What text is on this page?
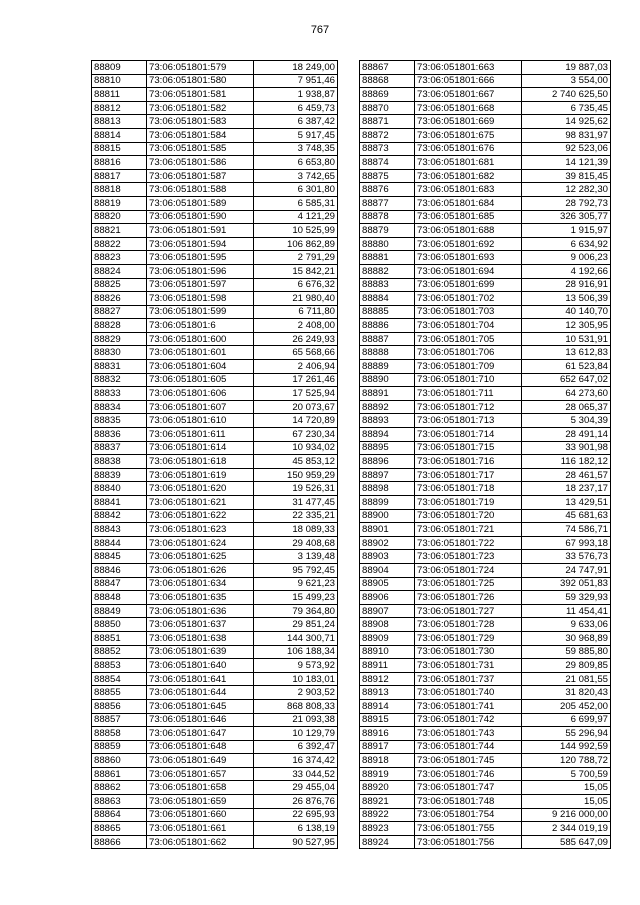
767
88809	73:06:051801:579	18 249,00
88810	73:06:051801:580	7 951,46
88811	73:06:051801:581	1 938,87
88812	73:06:051801:582	6 459,73
88813	73:06:051801:583	6 387,42
88814	73:06:051801:584	5 917,45
88815	73:06:051801:585	3 748,35
88816	73:06:051801:586	6 653,80
88817	73:06:051801:587	3 742,65
88818	73:06:051801:588	6 301,80
88819	73:06:051801:589	6 585,31
88820	73:06:051801:590	4 121,29
88821	73:06:051801:591	10 525,99
88822	73:06:051801:594	106 862,89
88823	73:06:051801:595	2 791,29
88824	73:06:051801:596	15 842,21
88825	73:06:051801:597	6 676,32
88826	73:06:051801:598	21 980,40
88827	73:06:051801:599	6 711,80
88828	73:06:051801:6	2 408,00
88829	73:06:051801:600	26 249,93
88830	73:06:051801:601	65 568,66
88831	73:06:051801:604	2 406,94
88832	73:06:051801:605	17 261,46
88833	73:06:051801:606	17 525,94
88834	73:06:051801:607	20 073,67
88835	73:06:051801:610	14 720,89
88836	73:06:051801:611	67 230,34
88837	73:06:051801:614	10 934,02
88838	73:06:051801:618	45 853,12
88839	73:06:051801:619	150 959,29
88840	73:06:051801:620	19 526,31
88841	73:06:051801:621	31 477,45
88842	73:06:051801:622	22 335,21
88843	73:06:051801:623	18 089,33
88844	73:06:051801:624	29 408,68
88845	73:06:051801:625	3 139,48
88846	73:06:051801:626	95 792,45
88847	73:06:051801:634	9 621,23
88848	73:06:051801:635	15 499,23
88849	73:06:051801:636	79 364,80
88850	73:06:051801:637	29 851,24
88851	73:06:051801:638	144 300,71
88852	73:06:051801:639	106 188,34
88853	73:06:051801:640	9 573,92
88854	73:06:051801:641	10 183,01
88855	73:06:051801:644	2 903,52
88856	73:06:051801:645	868 808,33
88857	73:06:051801:646	21 093,38
88858	73:06:051801:647	10 129,79
88859	73:06:051801:648	6 392,47
88860	73:06:051801:649	16 374,42
88861	73:06:051801:657	33 044,52
88862	73:06:051801:658	29 455,04
88863	73:06:051801:659	26 876,76
88864	73:06:051801:660	22 695,93
88865	73:06:051801:661	6 138,19
88866	73:06:051801:662	90 527,95
88867	73:06:051801:663	19 887,03
88868	73:06:051801:666	3 554,00
88869	73:06:051801:667	2 740 625,50
88870	73:06:051801:668	6 735,45
88871	73:06:051801:669	14 925,62
88872	73:06:051801:675	98 831,97
88873	73:06:051801:676	92 523,06
88874	73:06:051801:681	14 121,39
88875	73:06:051801:682	39 815,45
88876	73:06:051801:683	12 282,30
88877	73:06:051801:684	28 792,73
88878	73:06:051801:685	326 305,77
88879	73:06:051801:688	1 915,97
88880	73:06:051801:692	6 634,92
88881	73:06:051801:693	9 006,23
88882	73:06:051801:694	4 192,66
88883	73:06:051801:699	28 916,91
88884	73:06:051801:702	13 506,39
88885	73:06:051801:703	40 140,70
88886	73:06:051801:704	12 305,95
88887	73:06:051801:705	10 531,91
88888	73:06:051801:706	13 612,83
88889	73:06:051801:709	61 523,84
88890	73:06:051801:710	652 647,02
88891	73:06:051801:711	64 273,60
88892	73:06:051801:712	28 065,37
88893	73:06:051801:713	5 304,39
88894	73:06:051801:714	28 491,14
88895	73:06:051801:715	33 901,98
88896	73:06:051801:716	116 182,12
88897	73:06:051801:717	28 461,57
88898	73:06:051801:718	18 237,17
88899	73:06:051801:719	13 429,51
88900	73:06:051801:720	45 681,63
88901	73:06:051801:721	74 586,71
88902	73:06:051801:722	67 993,18
88903	73:06:051801:723	33 576,73
88904	73:06:051801:724	24 747,91
88905	73:06:051801:725	392 051,83
88906	73:06:051801:726	59 329,93
88907	73:06:051801:727	11 454,41
88908	73:06:051801:728	9 633,06
88909	73:06:051801:729	30 968,89
88910	73:06:051801:730	59 885,80
88911	73:06:051801:731	29 809,85
88912	73:06:051801:737	21 081,55
88913	73:06:051801:740	31 820,43
88914	73:06:051801:741	205 452,00
88915	73:06:051801:742	6 699,97
88916	73:06:051801:743	55 296,94
88917	73:06:051801:744	144 992,59
88918	73:06:051801:745	120 788,72
88919	73:06:051801:746	5 700,59
88920	73:06:051801:747	15,05
88921	73:06:051801:748	15,05
88922	73:06:051801:754	9 216 000,00
88923	73:06:051801:755	2 344 019,19
88924	73:06:051801:756	585 647,09
